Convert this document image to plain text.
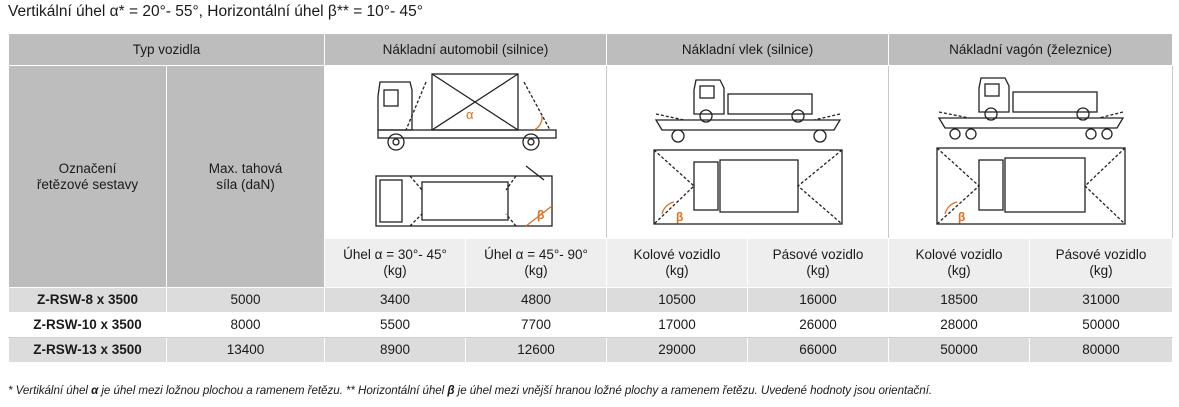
Vertikální úhel α* = 20°- 55°, Horizontální úhel β** = 10°- 45°
Typ vozidla		Nákladní automobil (silnice)		Nákladní vlek (silnice)		Nákladní vagón (železnice)	
Označení řetězové sestavy	Max. tahová síla (daN)	

		Úhel α = 30°- 45° (kg)	Úhel α = 45°- 90° (kg)	Kolové vozidlo (kg)	Pásové vozidlo (kg)	Kolové vozidlo (kg)	Pásové vozidlo (kg)
Z-RSW-8 x 3500	5000	3400	4800	10500	16000	18500	31000
Z-RSW-10 x 3500	8000	5500	7700	17000	26000	28000	50000
Z-RSW-13 x 3500	13400	8900	12600	29000	66000	50000	80000
α
β	β	β
* Vertikální úhel α je úhel mezi ložnou plochou a ramenem řetězu. ** Horizontální úhel β je úhel mezi vnější hranou ložné plochy a ramenem řetězu. Uvedené hodnoty jsou orientační.
